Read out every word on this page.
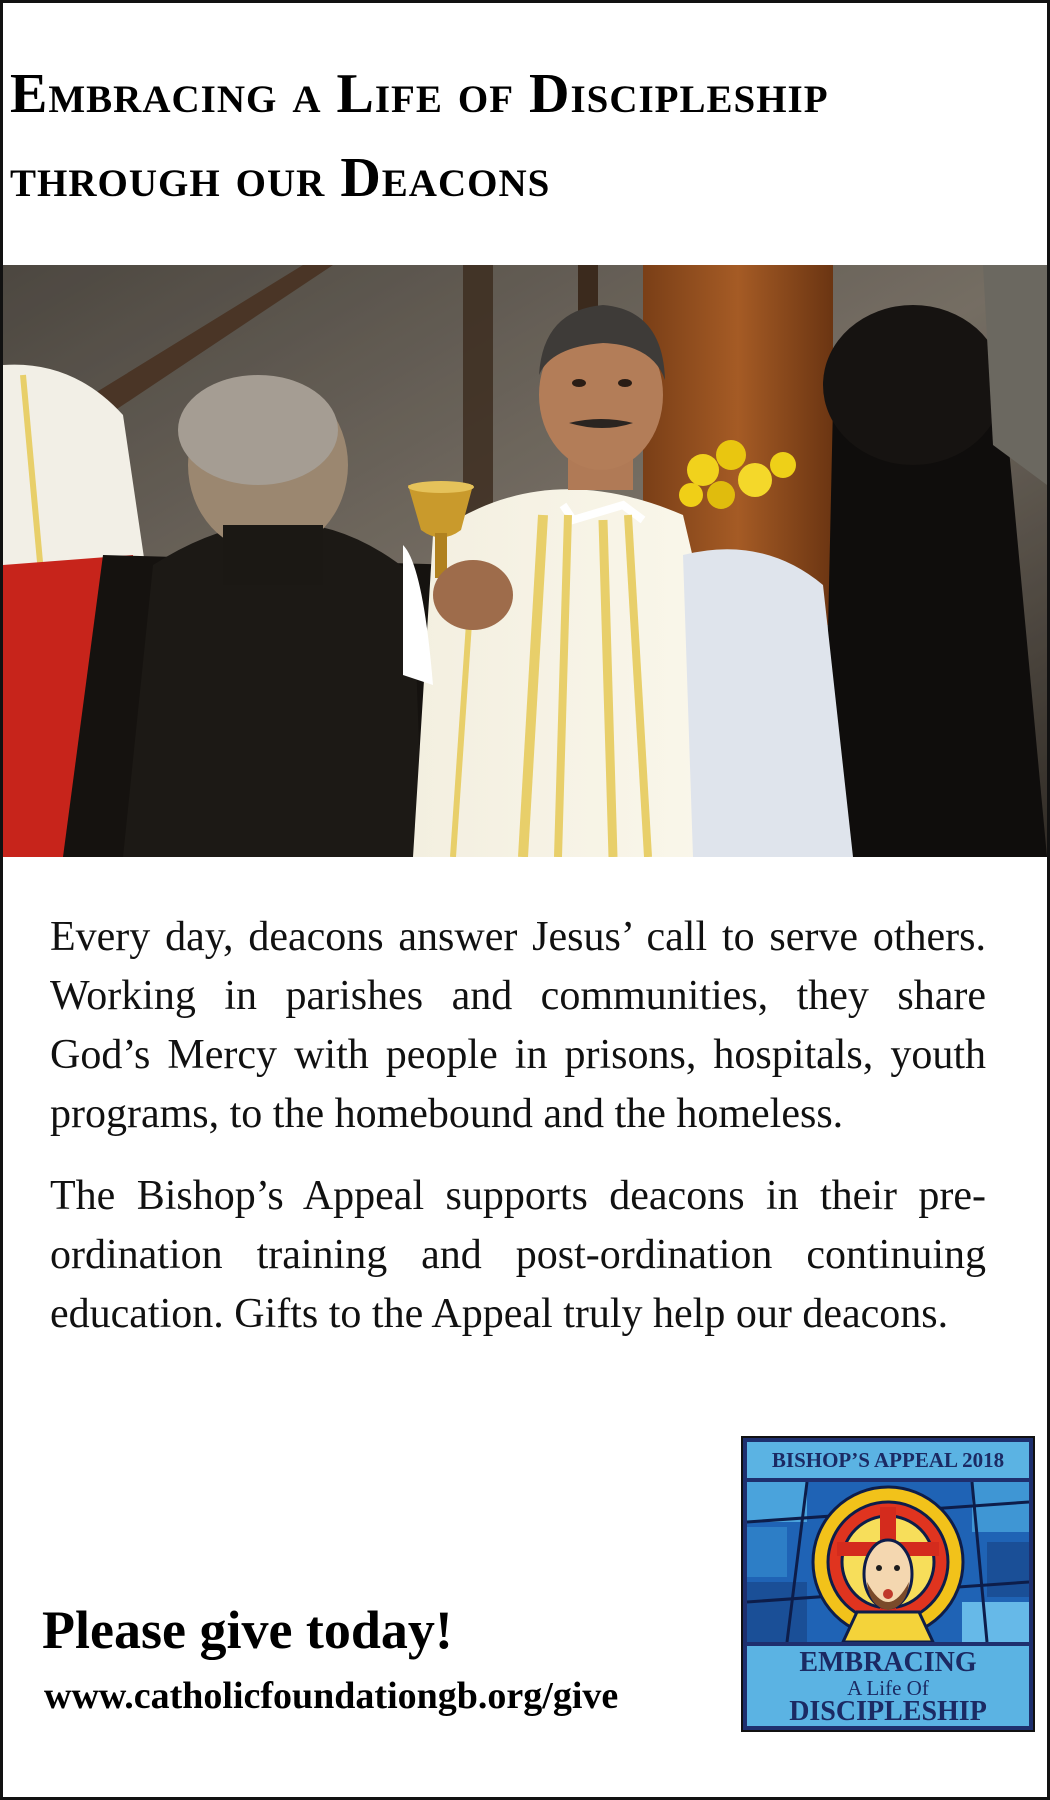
Embracing a Life of Discipleship
through our Deacons

Every day, deacons answer Jesus’ call to serve others. Working in parishes and communities, they share God’s Mercy with people in prisons, hospitals, youth programs, to the homebound and the homeless.

The Bishop’s Appeal supports deacons in their pre-ordination training and post-ordination continuing education. Gifts to the Appeal truly help our deacons.

Please give today!
www.catholicfoundationgb.org/give
BISHOP’S APPEAL 2018
EMBRACING
A Life Of
DISCIPLESHIP
